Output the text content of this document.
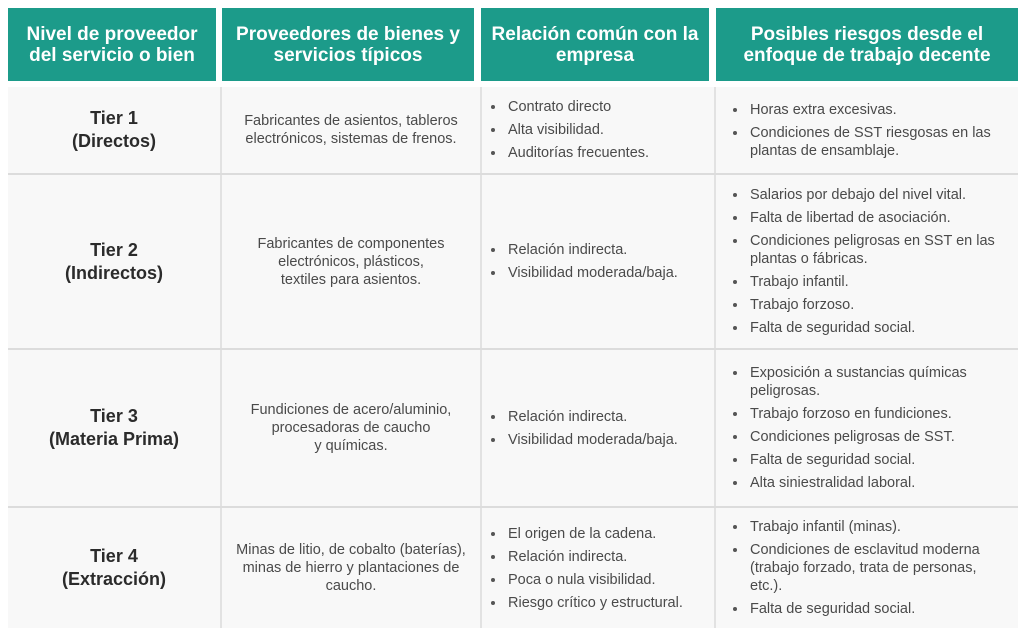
Nivel de proveedor del servicio o bien
Proveedores de bienes y servicios típicos
Relación común con la empresa
Posibles riesgos desde el enfoque de trabajo decente
Tier 1
(Directos)
Fabricantes de asientos, tableros
electrónicos, sistemas de frenos.
Contrato directo
Alta visibilidad.
Auditorías frecuentes.
Horas extra excesivas.
Condiciones de SST riesgosas en las plantas de ensamblaje.
Tier 2
(Indirectos)
Fabricantes de componentes
electrónicos, plásticos,
textiles para asientos.
Relación indirecta.
Visibilidad moderada/baja.
Salarios por debajo del nivel vital.
Falta de libertad de asociación.
Condiciones peligrosas en SST en las plantas o fábricas.
Trabajo infantil.
Trabajo forzoso.
Falta de seguridad social.
Tier 3
(Materia Prima)
Fundiciones de acero/aluminio,
procesadoras de caucho
y químicas.
Relación indirecta.
Visibilidad moderada/baja.
Exposición a sustancias químicas peligrosas.
Trabajo forzoso en fundiciones.
Condiciones peligrosas de SST.
Falta de seguridad social.
Alta siniestralidad laboral.
Tier 4
(Extracción)
Minas de litio, de cobalto (baterías),
minas de hierro y plantaciones de
caucho.
El origen de la cadena.
Relación indirecta.
Poca o nula visibilidad.
Riesgo crítico y estructural.
Trabajo infantil (minas).
Condiciones de esclavitud moderna (trabajo forzado, trata de personas, etc.).
Falta de seguridad social.
